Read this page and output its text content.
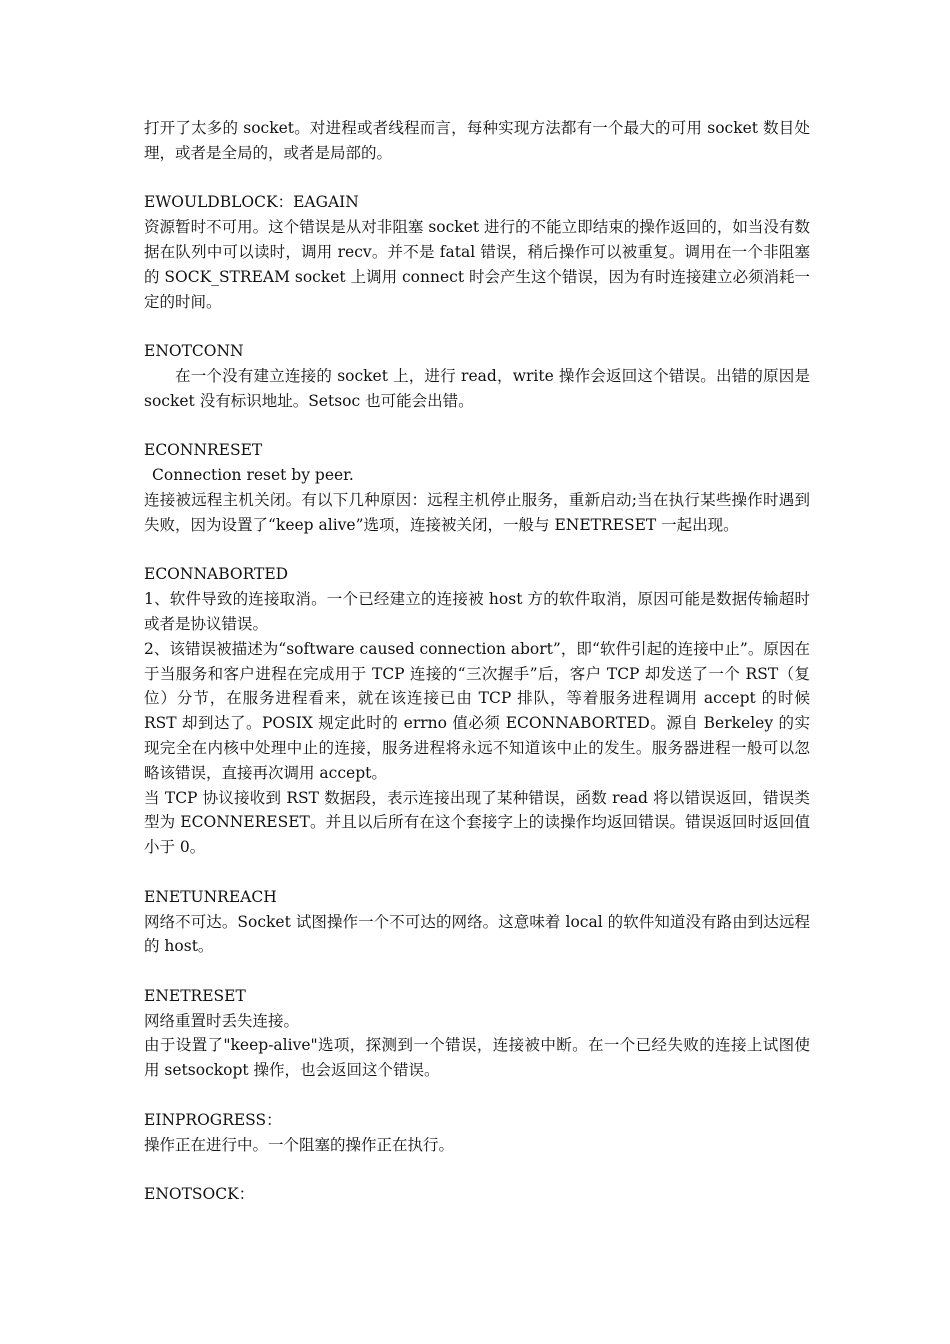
打开了太多的 socket。对进程或者线程而言，每种实现方法都有一个最大的可用 socket 数目处理，或者是全局的，或者是局部的。

EWOULDBLOCK：EAGAIN

资源暂时不可用。这个错误是从对非阻塞 socket 进行的不能立即结束的操作返回的，如当没有数据在队列中可以读时，调用 recv。并不是 fatal 错误，稍后操作可以被重复。调用在一个非阻塞的 SOCK_STREAM socket 上调用 connect 时会产生这个错误，因为有时连接建立必须消耗一定的时间。

ENOTCONN

在一个没有建立连接的 socket 上，进行 read，write 操作会返回这个错误。出错的原因是 socket 没有标识地址。Setsoc 也可能会出错。

ECONNRESET

Connection reset by peer.

连接被远程主机关闭。有以下几种原因：远程主机停止服务，重新启动;当在执行某些操作时遇到失败，因为设置了“keep alive”选项，连接被关闭，一般与 ENETRESET 一起出现。

ECONNABORTED

1、软件导致的连接取消。一个已经建立的连接被 host 方的软件取消，原因可能是数据传输超时或者是协议错误。

2、该错误被描述为“software caused connection abort”，即“软件引起的连接中止”。原因在于当服务和客户进程在完成用于 TCP 连接的“三次握手”后，客户 TCP 却发送了一个 RST（复位）分节，在服务进程看来，就在该连接已由 TCP 排队，等着服务进程调用 accept 的时候 RST 却到达了。POSIX 规定此时的 errno 值必须 ECONNABORTED。源自 Berkeley 的实现完全在内核中处理中止的连接，服务进程将永远不知道该中止的发生。服务器进程一般可以忽略该错误，直接再次调用 accept。

当 TCP 协议接收到 RST 数据段，表示连接出现了某种错误，函数 read 将以错误返回，错误类型为 ECONNERESET。并且以后所有在这个套接字上的读操作均返回错误。错误返回时返回值小于 0。

ENETUNREACH

网络不可达。Socket 试图操作一个不可达的网络。这意味着 local 的软件知道没有路由到达远程的 host。

ENETRESET

网络重置时丢失连接。

由于设置了"keep-alive"选项，探测到一个错误，连接被中断。在一个已经失败的连接上试图使用 setsockopt 操作，也会返回这个错误。

EINPROGRESS：

操作正在进行中。一个阻塞的操作正在执行。

ENOTSOCK：
